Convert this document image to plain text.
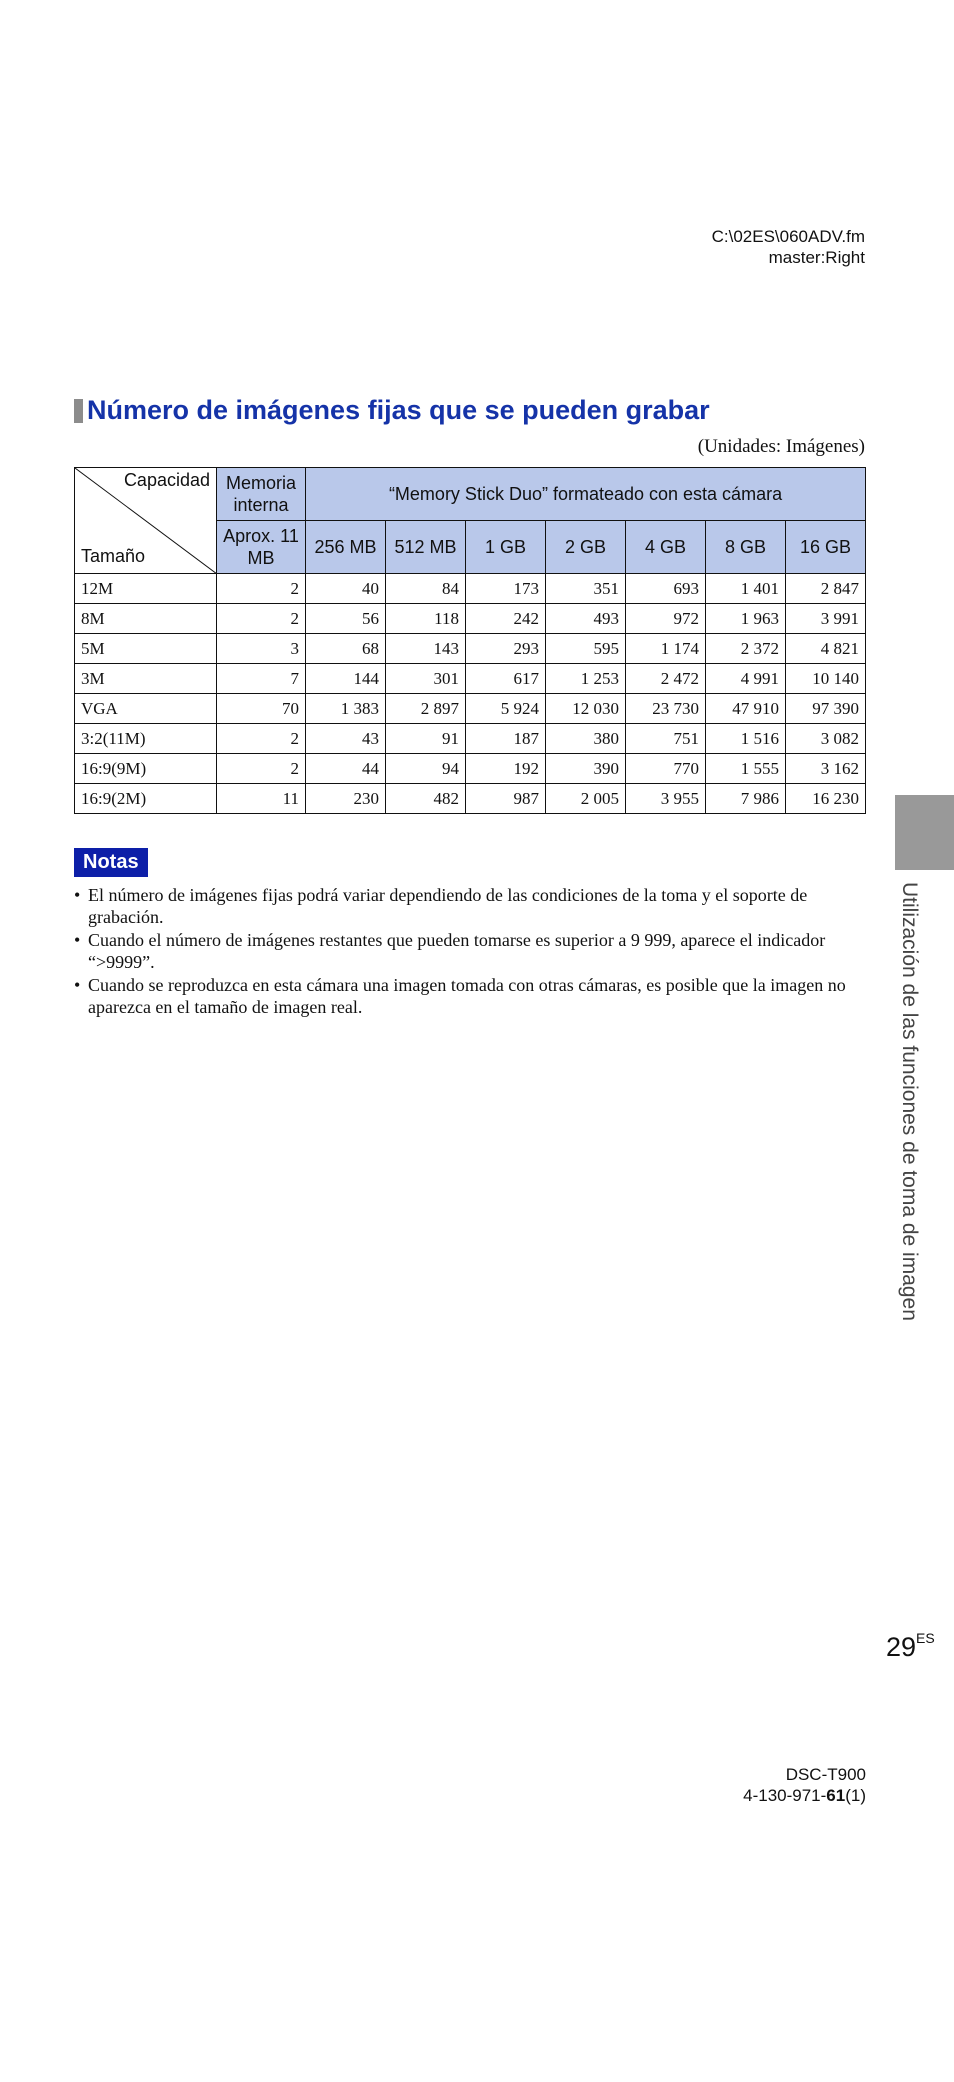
C:\02ES\060ADV.fm
master:Right
Número de imágenes fijas que se pueden grabar
(Unidades: Imágenes)
Capacidad
Tamaño	Memoria interna	“Memory Stick Duo” formateado con esta cámara						
	Aprox. 11 MB	256 MB	512 MB	1 GB	2 GB	4 GB	8 GB	16 GB
12M	2	40	84	173	351	693	1 401	2 847
8M	2	56	118	242	493	972	1 963	3 991
5M	3	68	143	293	595	1 174	2 372	4 821
3M	7	144	301	617	1 253	2 472	4 991	10 140
VGA	70	1 383	2 897	5 924	12 030	23 730	47 910	97 390
3:2(11M)	2	43	91	187	380	751	1 516	3 082
16:9(9M)	2	44	94	192	390	770	1 555	3 162
16:9(2M)	11	230	482	987	2 005	3 955	7 986	16 230
Notas
• El número de imágenes fijas podrá variar dependiendo de las condiciones de la toma y el soporte de grabación.
• Cuando el número de imágenes restantes que pueden tomarse es superior a 9 999, aparece el indicador “>9999”.
• Cuando se reproduzca en esta cámara una imagen tomada con otras cámaras, es posible que la imagen no aparezca en el tamaño de imagen real.	Utilización de las funciones de toma de imagen
$29^{ES}$
DSC-T900
4-130-971-61(1)
